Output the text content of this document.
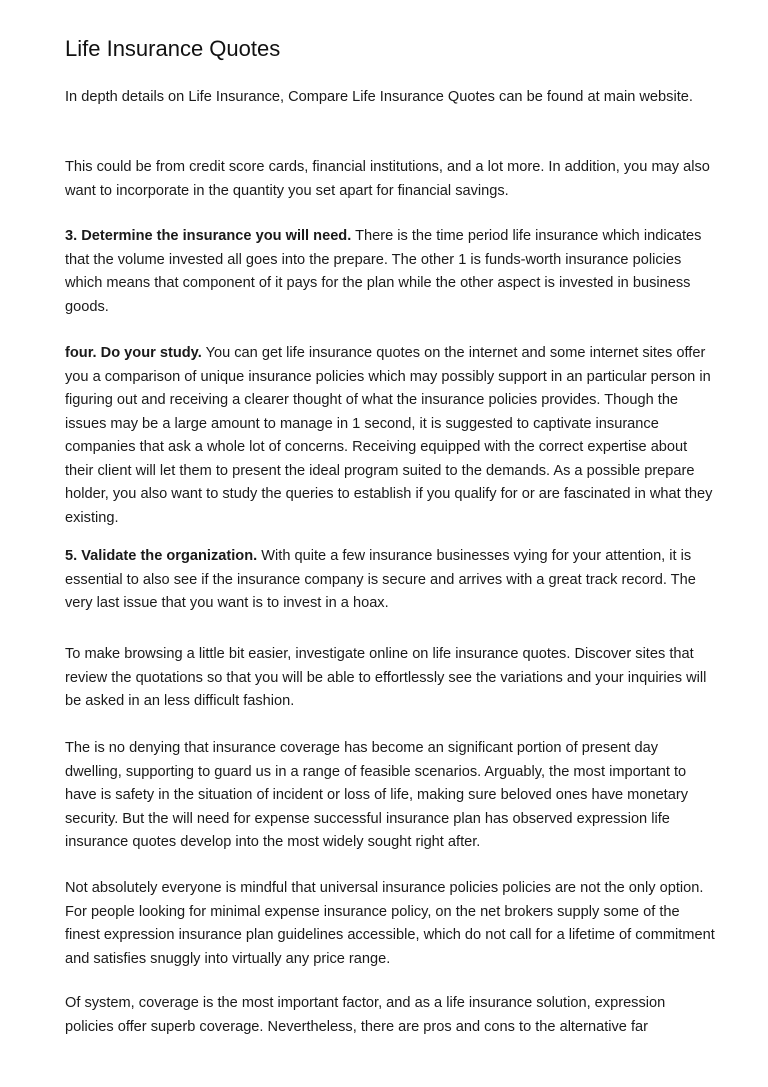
Life Insurance Quotes

In depth details on Life Insurance, Compare Life Insurance Quotes can be found at main website.

This could be from credit score cards, financial institutions, and a lot more. In addition, you may also want to incorporate in the quantity you set apart for financial savings.

3. Determine the insurance you will need. There is the time period life insurance which indicates that the volume invested all goes into the prepare. The other 1 is funds-worth insurance policies which means that component of it pays for the plan while the other aspect is invested in business goods.

four. Do your study. You can get life insurance quotes on the internet and some internet sites offer you a comparison of unique insurance policies which may possibly support in an particular person in figuring out and receiving a clearer thought of what the insurance policies provides. Though the issues may be a large amount to manage in 1 second, it is suggested to captivate insurance companies that ask a whole lot of concerns. Receiving equipped with the correct expertise about their client will let them to present the ideal program suited to the demands. As a possible prepare holder, you also want to study the queries to establish if you qualify for or are fascinated in what they existing.

5. Validate the organization. With quite a few insurance businesses vying for your attention, it is essential to also see if the insurance company is secure and arrives with a great track record. The very last issue that you want is to invest in a hoax.

To make browsing a little bit easier, investigate online on life insurance quotes. Discover sites that review the quotations so that you will be able to effortlessly see the variations and your inquiries will be asked in an less difficult fashion.

The is no denying that insurance coverage has become an significant portion of present day dwelling, supporting to guard us in a range of feasible scenarios. Arguably, the most important to have is safety in the situation of incident or loss of life, making sure beloved ones have monetary security. But the will need for expense successful insurance plan has observed expression life insurance quotes develop into the most widely sought right after.

Not absolutely everyone is mindful that universal insurance policies policies are not the only option. For people looking for minimal expense insurance policy, on the net brokers supply some of the finest expression insurance plan guidelines accessible, which do not call for a lifetime of commitment and satisfies snuggly into virtually any price range.

Of system, coverage is the most important factor, and as a life insurance solution, expression policies offer superb coverage. Nevertheless, there are pros and cons to the alternative far
